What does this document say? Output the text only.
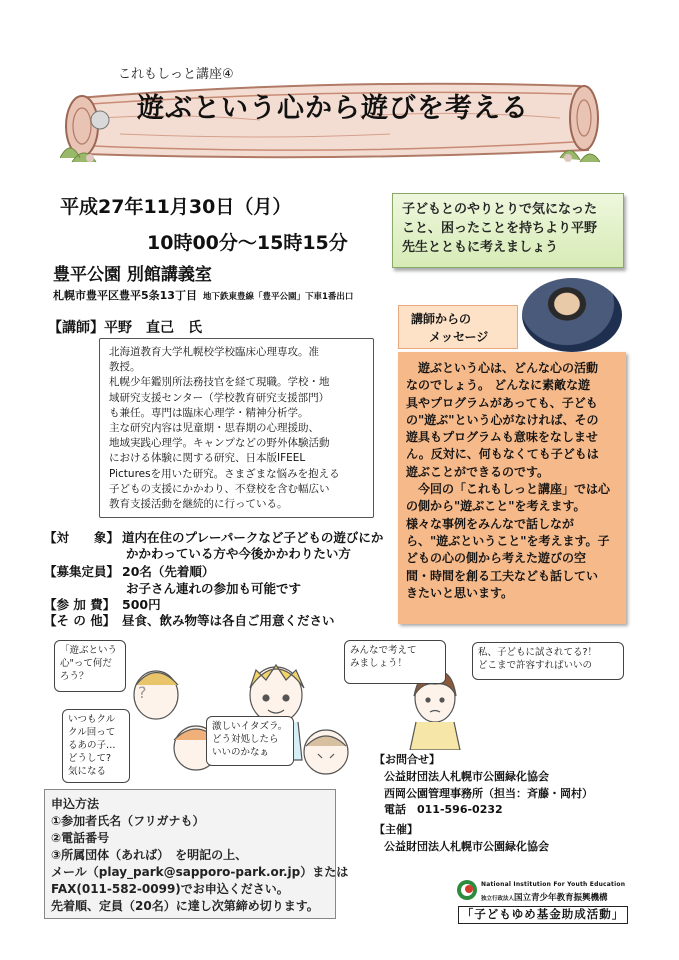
これもしっと講座④
遊ぶという心から遊びを考える
平成27年11月30日（月）
10時00分～15時15分
豊平公園 別館講義室
札幌市豊平区豊平5条13丁目 地下鉄東豊線「豊平公園」下車1番出口
子どもとのやりとりで気になった
こと、困ったことを持ちより平野
先生とともに考えましょう
【講師】平野　直己　氏
北海道教育大学札幌校学校臨床心理専攻。准
教授。
札幌少年鑑別所法務技官を経て現職。学校・地
域研究支援センター（学校教育研究支援部門）
も兼任。専門は臨床心理学・精神分析学。
主な研究内容は児童期・思春期の心理援助、
地域実践心理学。キャンプなどの野外体験活動
における体験に関する研究、日本版IFEEL
Picturesを用いた研究。さまざまな悩みを抱える
子どもの支援にかかわり、不登校を含む幅広い
教育支援活動を継続的に行っている。
【対　　象】 道内在住のプレーパークなど子どもの遊びにか
かかわっている方や今後かかわりたい方
【募集定員】 20名（先着順）
お子さん連れの参加も可能です
【参 加 費】 500円
【そ の 他】 昼食、飲み物等は各自ご用意ください
講師からの
メッセージ
　遊ぶという心は、どんな心の活動
なのでしょう。 どんなに素敵な遊
具やプログラムがあっても、子ども
の"遊ぶ"という心がなければ、その
遊具もプログラムも意味をなしませ
ん。反対に、何もなくても子どもは
遊ぶことができるのです。
　今回の「これもしっと講座」では心
の側から"遊ぶこと"を考えます。
様々な事例をみんなで話しなが
ら、"遊ぶということ"を考えます。子
どもの心の側から考えた遊びの空
間・時間を創る工夫なども話してい
きたいと思います。
?
「遊ぶという
心"って何だ
ろう？
みんなで考えて
みましょう！
私、子どもに試されてる?！
どこまで許容すればいいの
いつもクル
クル回って
るあの子…
どうして?
気になる
激しいイタズラ。
どう対処したら
いいのかなぁ
【お問合せ】
公益財団法人札幌市公園緑化協会
西岡公園管理事務所（担当：斉藤・岡村）
電話　011-596-0232
【主催】
公益財団法人札幌市公園緑化協会
申込方法
①参加者氏名（フリガナも）
②電話番号
③所属団体（あれば）　を明記の上、
メール（play_park@sapporo-park.or.jp）または
FAX(011-582-0099)でお申込ください。
先着順、定員（20名）に達し次第締め切ります。
National Institution For Youth Education
独立行政法人国立青少年教育振興機構
「子どもゆめ基金助成活動」
